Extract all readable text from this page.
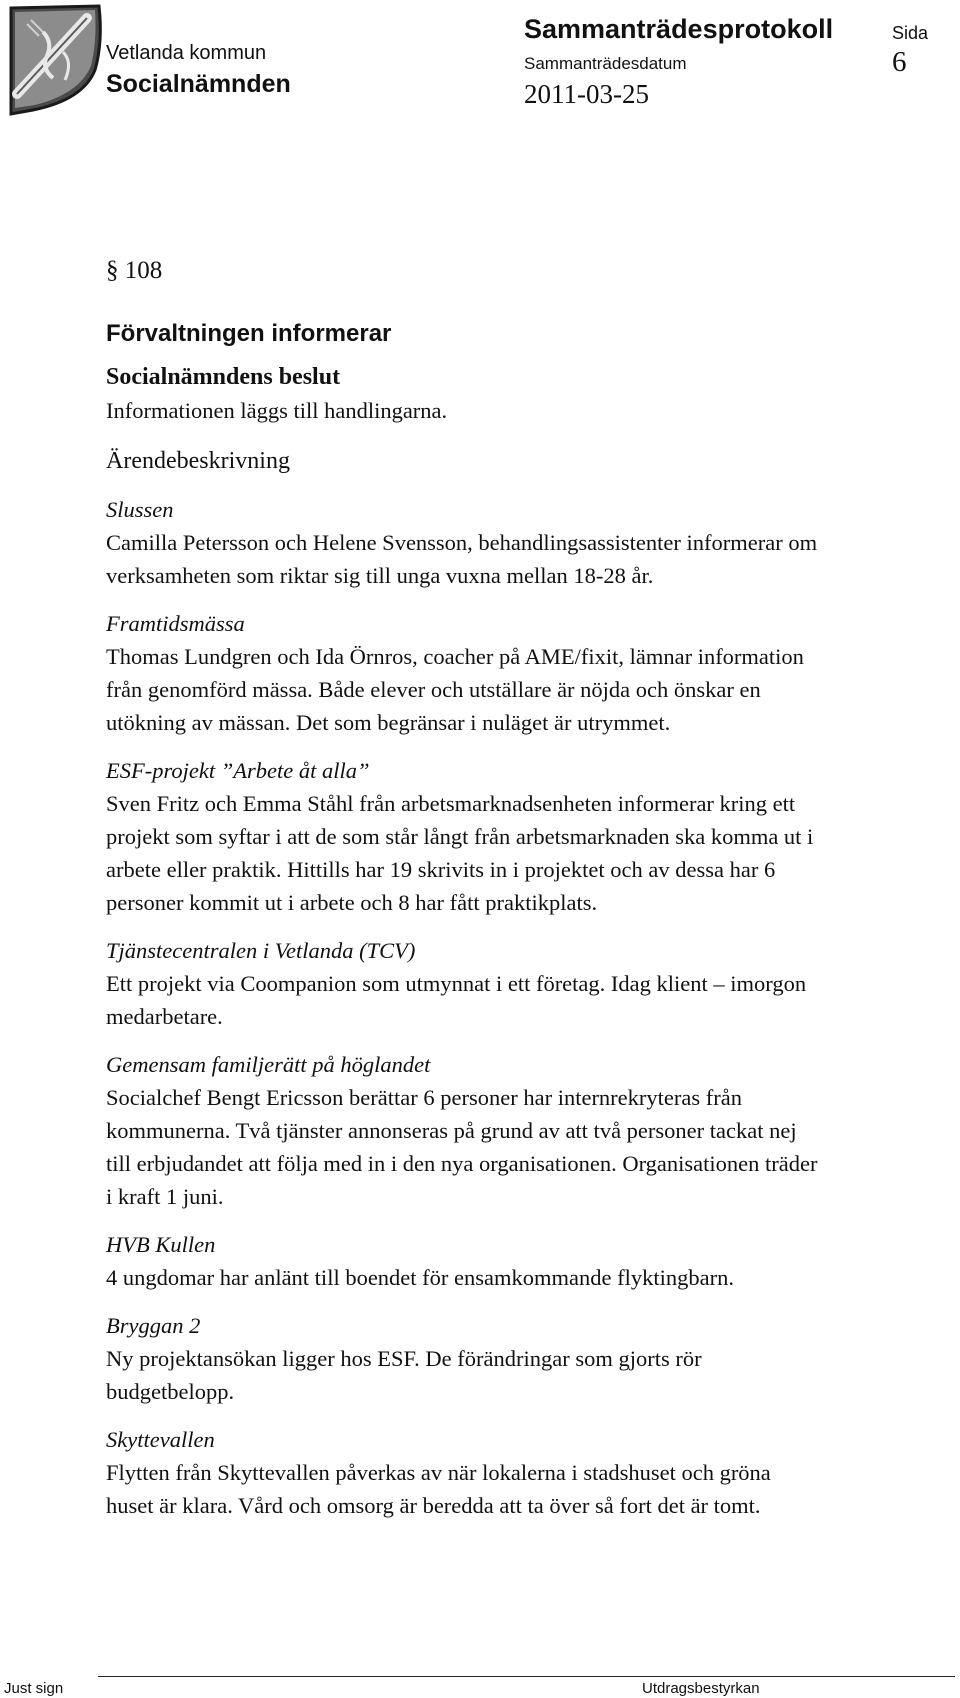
Vetlanda kommun
Socialnämnden
Sammanträdesprotokoll	Sida
Sammanträdesdatum	6
2011-03-25
§ 108
Förvaltningen informerar
Socialnämndens beslut
Informationen läggs till handlingarna.
Ärendebeskrivning
Slussen
Camilla Petersson och Helene Svensson, behandlingsassistenter informerar om
verksamheten som riktar sig till unga vuxna mellan 18-28 år.
Framtidsmässa
Thomas Lundgren och Ida Örnros, coacher på AME/fixit, lämnar information
från genomförd mässa. Både elever och utställare är nöjda och önskar en
utökning av mässan. Det som begränsar i nuläget är utrymmet.
ESF-projekt ”Arbete åt alla”
Sven Fritz och Emma Ståhl från arbetsmarknadsenheten informerar kring ett
projekt som syftar i att de som står långt från arbetsmarknaden ska komma ut i
arbete eller praktik. Hittills har 19 skrivits in i projektet och av dessa har 6
personer kommit ut i arbete och 8 har fått praktikplats.
Tjänstecentralen i Vetlanda (TCV)
Ett projekt via Coompanion som utmynnat i ett företag. Idag klient – imorgon
medarbetare.
Gemensam familjerätt på höglandet
Socialchef Bengt Ericsson berättar 6 personer har internrekryteras från
kommunerna. Två tjänster annonseras på grund av att två personer tackat nej
till erbjudandet att följa med in i den nya organisationen. Organisationen träder
i kraft 1 juni.
HVB Kullen
4 ungdomar har anlänt till boendet för ensamkommande flyktingbarn.
Bryggan 2
Ny projektansökan ligger hos ESF. De förändringar som gjorts rör
budgetbelopp.
Skyttevallen
Flytten från Skyttevallen påverkas av när lokalerna i stadshuset och gröna
huset är klara. Vård och omsorg är beredda att ta över så fort det är tomt.
Just sign	Utdragsbestyrkan
